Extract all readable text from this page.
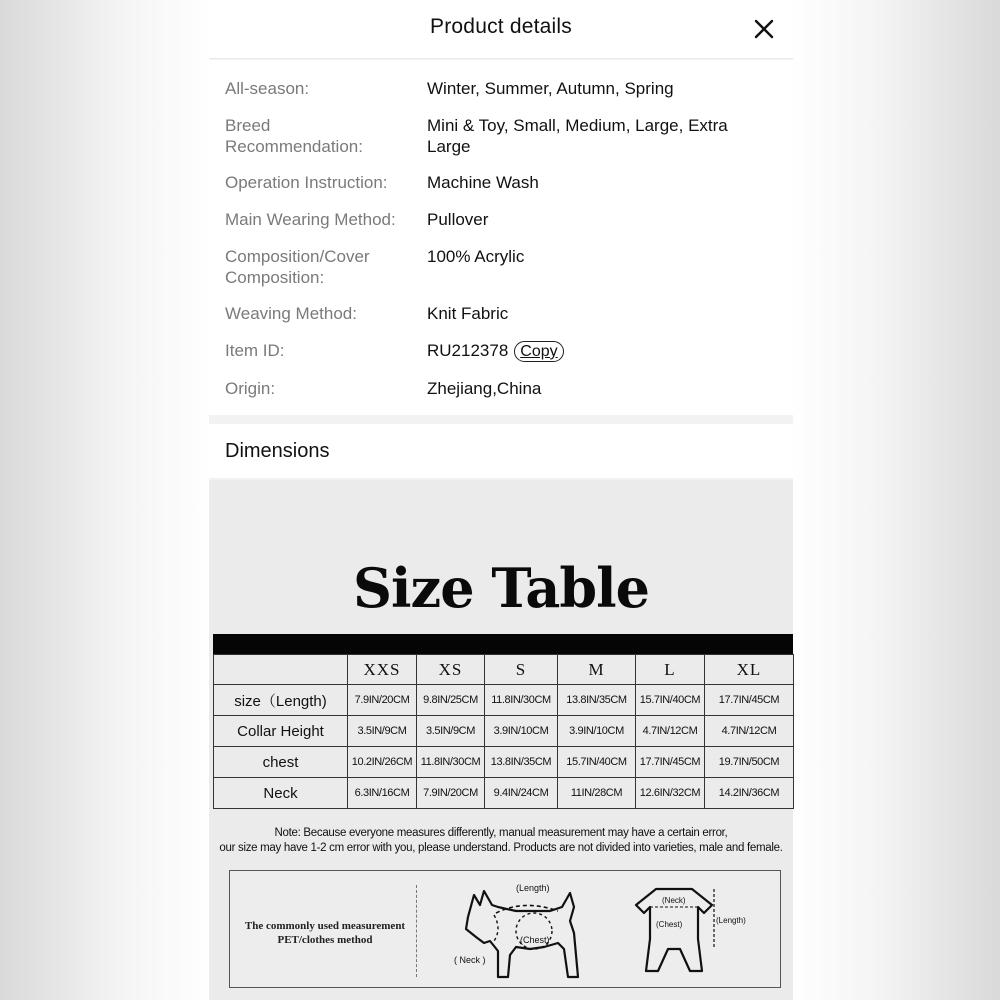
Product details
All-season:	Winter, Summer, Autumn, Spring
Breed Recommendation:
Mini & Toy, Small, Medium, Large, Extra Large
Operation Instruction:	Machine Wash
Main Wearing Method:	Pullover
Composition/Cover Composition:
100% Acrylic
Weaving Method:	Knit Fabric
Item ID:	RU212378 Copy
Origin:	Zhejiang,China
Dimensions
Size Table
	XXS	XS	S	M	L	XL
size（Length)	7.9IN/20CM	9.8IN/25CM	11.8IN/30CM	13.8IN/35CM	15.7IN/40CM	17.7IN/45CM
Collar Height	3.5IN/9CM	3.5IN/9CM	3.9IN/10CM	3.9IN/10CM	4.7IN/12CM	4.7IN/12CM
chest	10.2IN/26CM	11.8IN/30CM	13.8IN/35CM	15.7IN/40CM	17.7IN/45CM	19.7IN/50CM
Neck	6.3IN/16CM	7.9IN/20CM	9.4IN/24CM	11IN/28CM	12.6IN/32CM	14.2IN/36CM
Note: Because everyone measures differently, manual measurement may have a certain error,
our size may have 1-2 cm error with you, please understand. Products are not divided into varieties, male and female.
The commonly used measurement
PET/clothes method
(Length)
(Chest)
( Neck )
(Neck)
(Chest)	(Length)
